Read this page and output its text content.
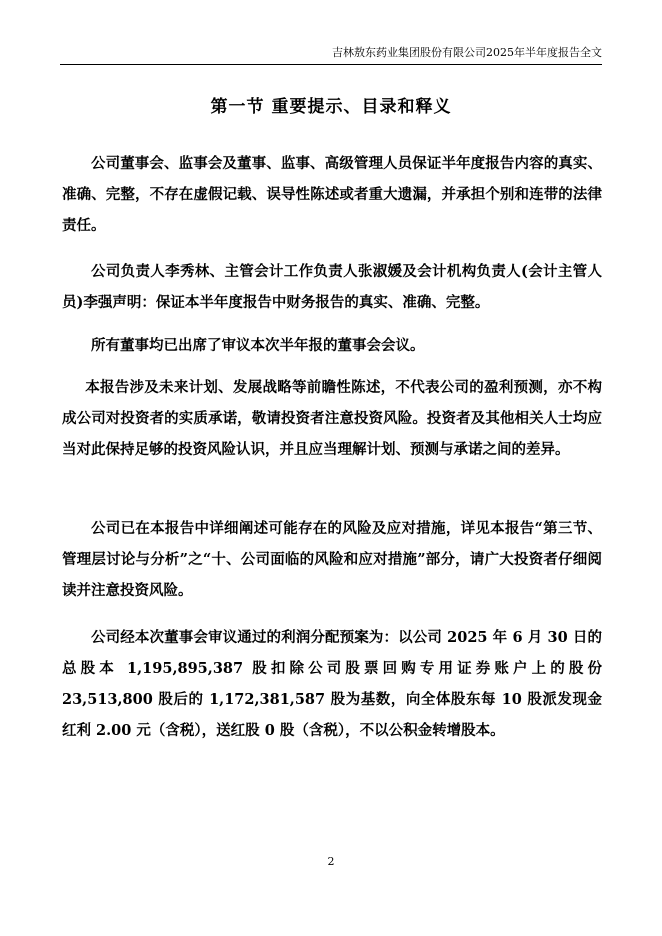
吉林敖东药业集团股份有限公司2025年半年度报告全文
第一节 重要提示、目录和释义

公司董事会、监事会及董事、监事、高级管理人员保证半年度报告内容的真实、准确、完整，不存在虚假记载、误导性陈述或者重大遗漏，并承担个别和连带的法律责任。

公司负责人李秀林、主管会计工作负责人张淑媛及会计机构负责人(会计主管人员)李强声明：保证本半年度报告中财务报告的真实、准确、完整。

所有董事均已出席了审议本次半年报的董事会会议。

本报告涉及未来计划、发展战略等前瞻性陈述，不代表公司的盈利预测，亦不构成公司对投资者的实质承诺，敬请投资者注意投资风险。投资者及其他相关人士均应当对此保持足够的投资风险认识，并且应当理解计划、预测与承诺之间的差异。

公司已在本报告中详细阐述可能存在的风险及应对措施，详见本报告“第三节、管理层讨论与分析”之“十、公司面临的风险和应对措施”部分，请广大投资者仔细阅读并注意投资风险。

公司经本次董事会审议通过的利润分配预案为：以公司 2025 年 6 月 30 日的总股本 1,195,895,387 股扣除公司股票回购专用证券账户上的股份 23,513,800 股后的 1,172,381,587 股为基数，向全体股东每 10 股派发现金红利 2.00 元（含税），送红股 0 股（含税），不以公积金转增股本。

2
